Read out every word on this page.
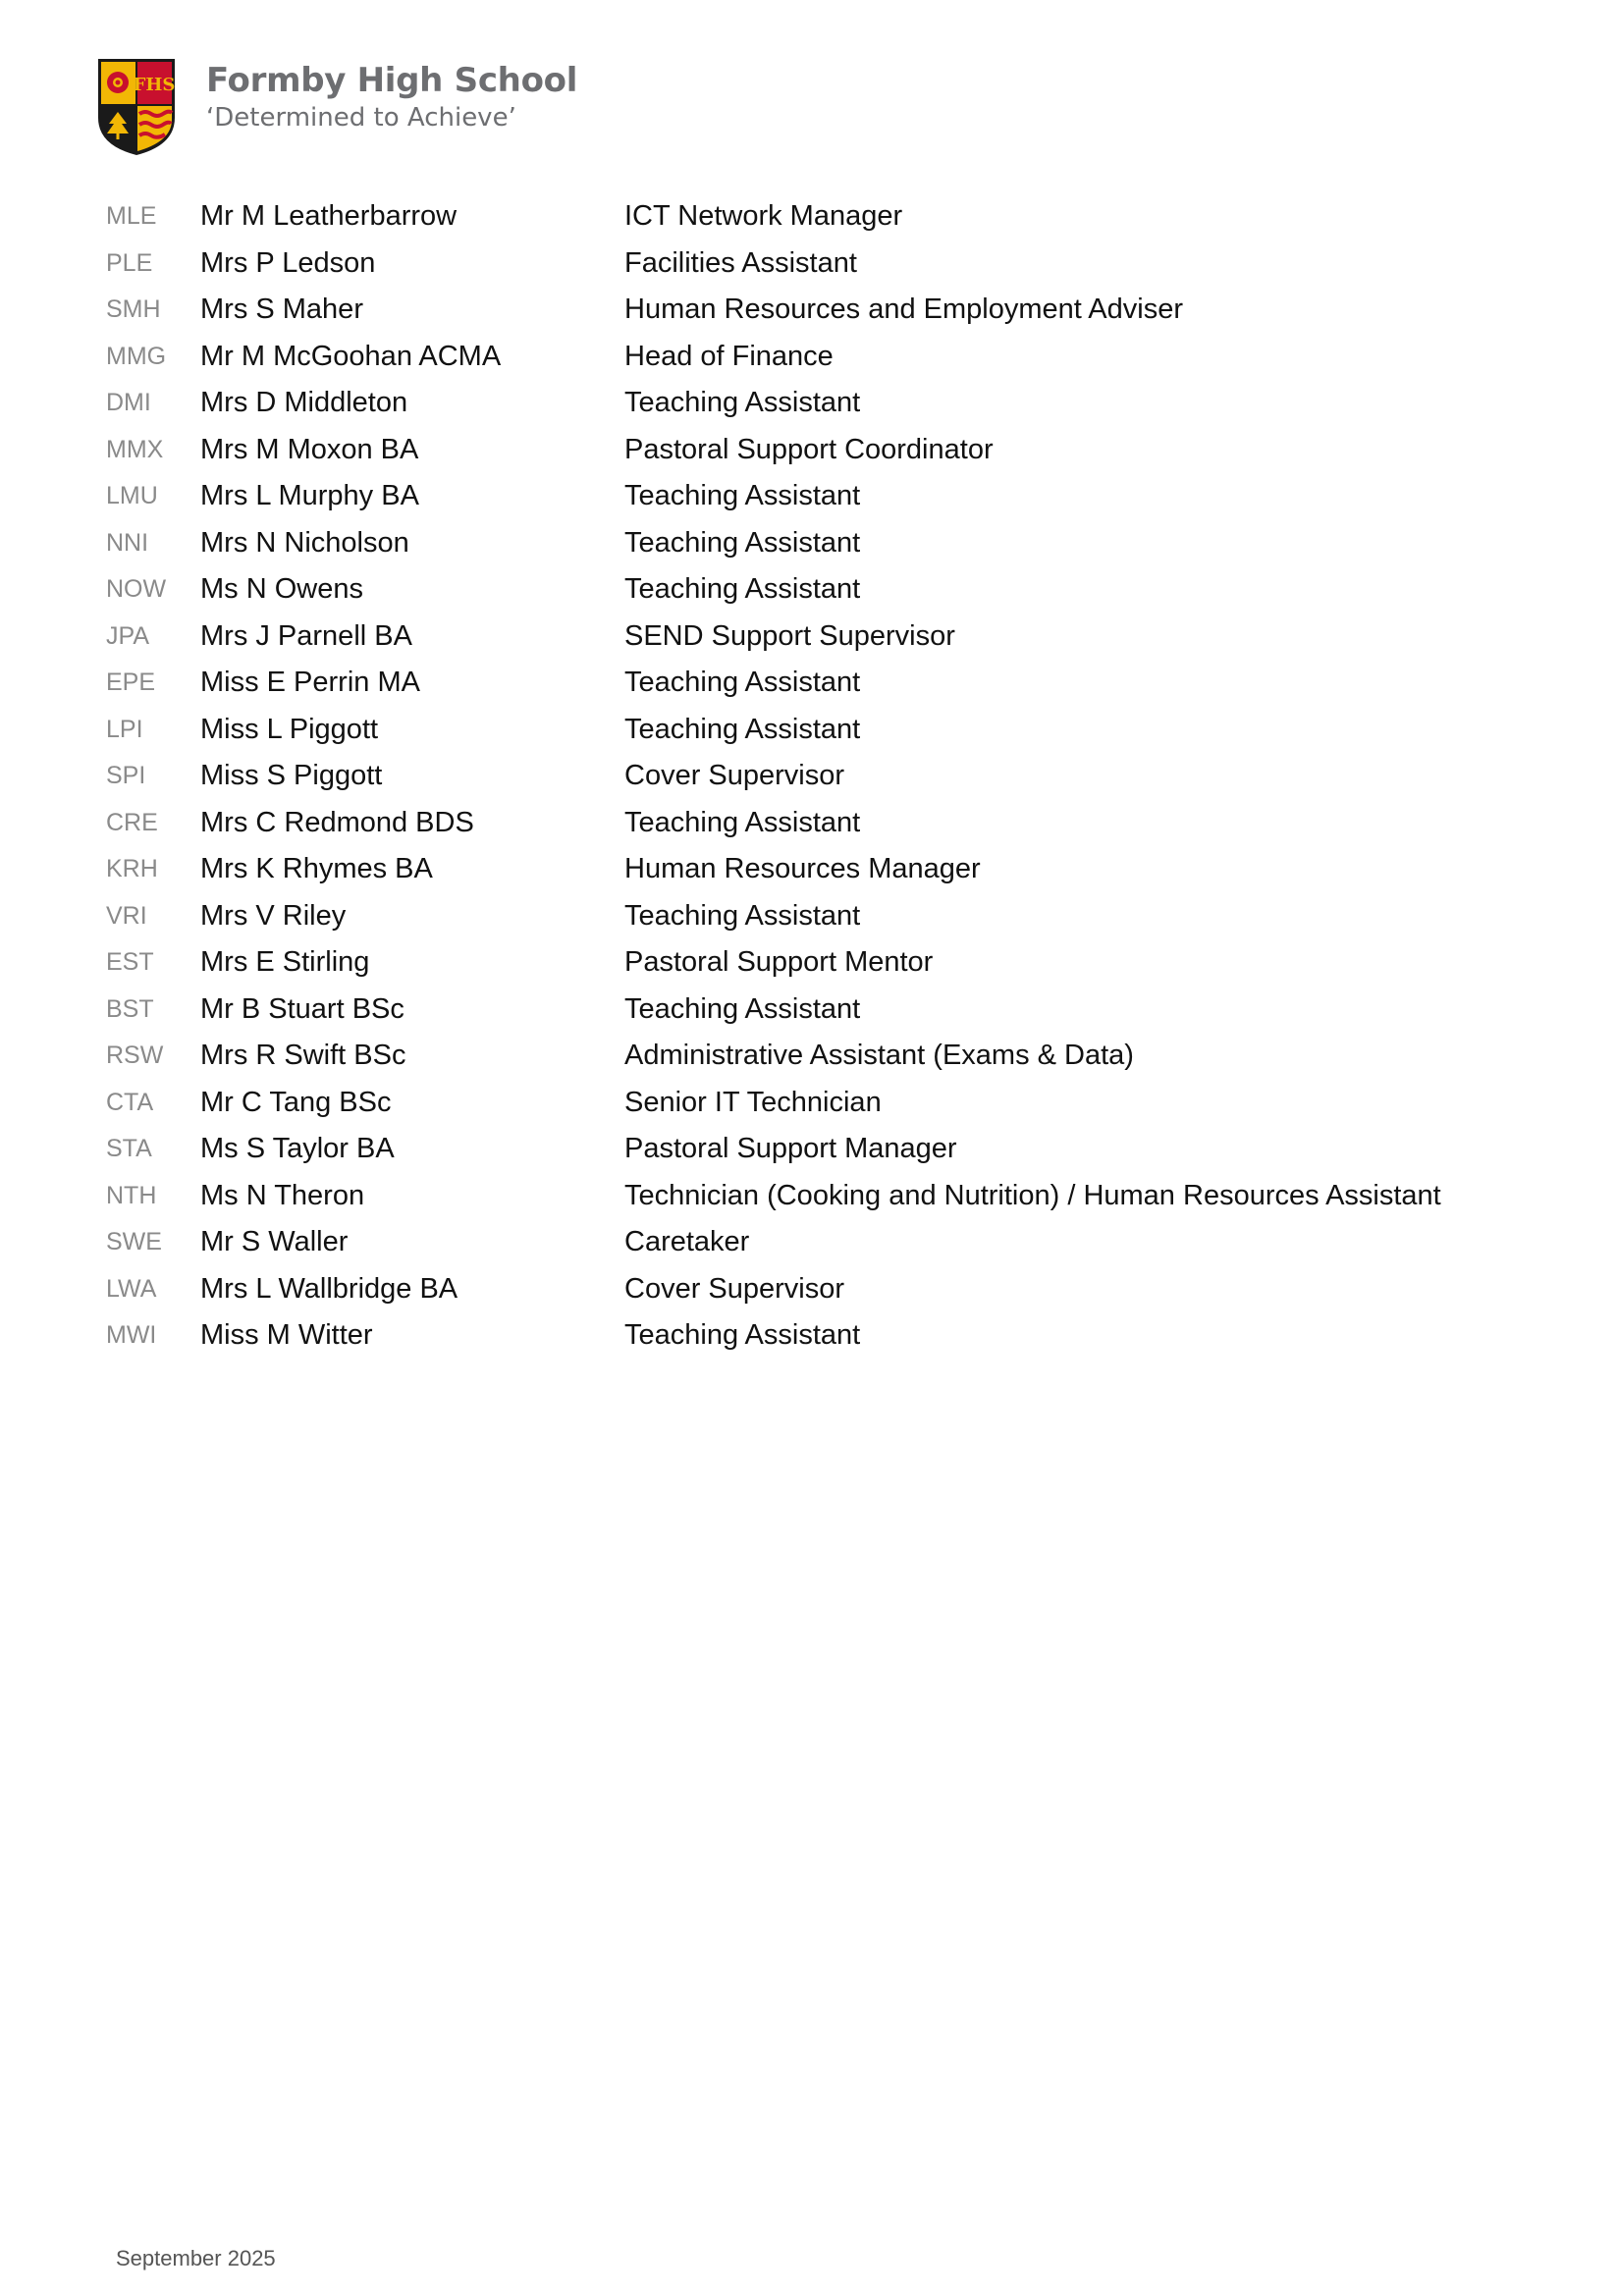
FHS Formby High School
‘Determined to Achieve’
MLE Mr M Leatherbarrow	ICT Network Manager
PLE Mrs P Ledson	Facilities Assistant
SMH Mrs S Maher	Human Resources and Employment Adviser
MMG Mr M McGoohan ACMA	Head of Finance
DMI Mrs D Middleton	Teaching Assistant
MMX Mrs M Moxon BA	Pastoral Support Coordinator
LMU Mrs L Murphy BA	Teaching Assistant
NNI Mrs N Nicholson	Teaching Assistant
NOW Ms N Owens	Teaching Assistant
JPA Mrs J Parnell BA	SEND Support Supervisor
EPE Miss E Perrin MA	Teaching Assistant
LPI Miss L Piggott	Teaching Assistant
SPI Miss S Piggott	Cover Supervisor
CRE Mrs C Redmond BDS	Teaching Assistant
KRH Mrs K Rhymes BA	Human Resources Manager
VRI Mrs V Riley	Teaching Assistant
EST Mrs E Stirling	Pastoral Support Mentor
BST Mr B Stuart BSc	Teaching Assistant
RSW Mrs R Swift BSc	Administrative Assistant (Exams & Data)
CTA Mr C Tang BSc	Senior IT Technician
STA Ms S Taylor BA	Pastoral Support Manager
NTH Ms N Theron	Technician (Cooking and Nutrition) / Human Resources Assistant
SWE Mr S Waller	Caretaker
LWA Mrs L Wallbridge BA	Cover Supervisor
MWI Miss M Witter	Teaching Assistant
September 2025
